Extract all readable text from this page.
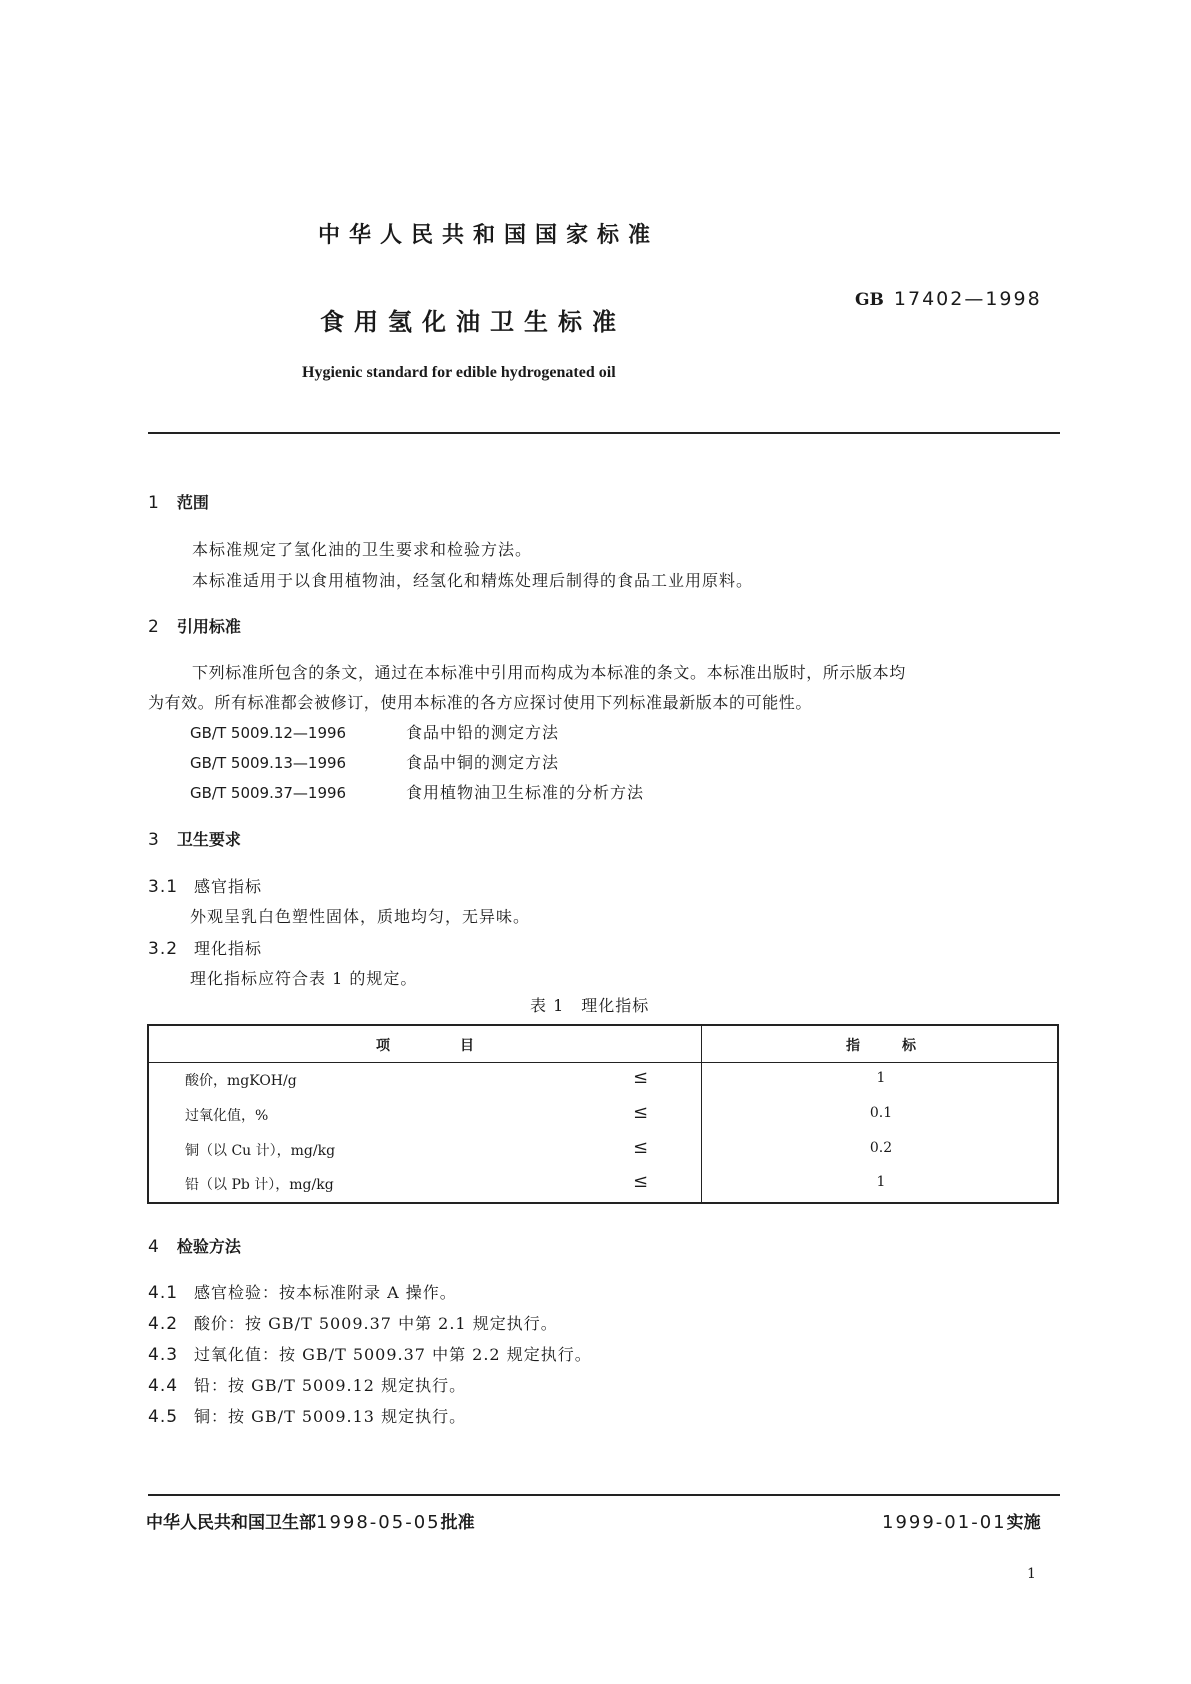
中华人民共和国国家标准
食用氢化油卫生标准
GB 17402—1998
Hygienic standard for edible hydrogenated oil
1 范围
本标准规定了氢化油的卫生要求和检验方法。
本标准适用于以食用植物油，经氢化和精炼处理后制得的食品工业用原料。
2 引用标准
下列标准所包含的条文，通过在本标准中引用而构成为本标准的条文。本标准出版时，所示版本均
为有效。所有标准都会被修订，使用本标准的各方应探讨使用下列标准最新版本的可能性。
GB/T 5009.12—1996	食品中铅的测定方法
GB/T 5009.13—1996	食品中铜的测定方法
GB/T 5009.37—1996	食用植物油卫生标准的分析方法
3 卫生要求
3.1 感官指标
外观呈乳白色塑性固体，质地均匀，无异味。
3.2 理化指标
理化指标应符合表 1 的规定。
表 1　理化指标
项　　　　　目	指　　　标
酸价，mgKOH/g	≤	1
过氧化值，%	≤	0.1
铜（以 Cu 计），mg/kg	≤	0.2
铅（以 Pb 计），mg/kg	≤	1
4 检验方法
4.1 感官检验：按本标准附录 A 操作。
4.2 酸价：按 GB/T 5009.37 中第 2.1 规定执行。
4.3 过氧化值：按 GB/T 5009.37 中第 2.2 规定执行。
4.4 铅：按 GB/T 5009.12 规定执行。
4.5 铜：按 GB/T 5009.13 规定执行。
中华人民共和国卫生部1998-05-05批准	1999-01-01实施
1
